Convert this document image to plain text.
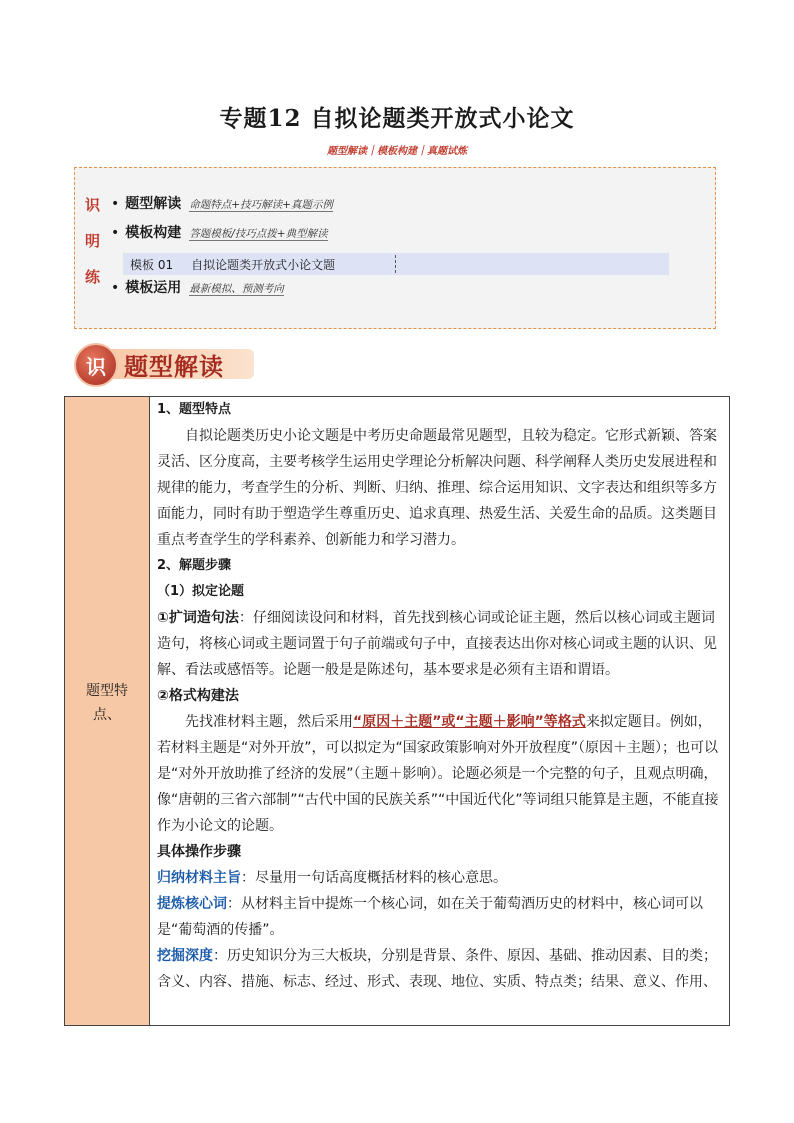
专题12 自拟论题类开放式小论文
题型解读｜模板构建｜真题试炼
识
明
练
• 题型解读 命题特点+技巧解读+真题示例
• 模板构建 答题模板/技巧点拨+典型解读
模板 01 自拟论题类开放式小论文题
• 模板运用 最新模拟、预测考向
识 题型解读
题型特
点、

1、题型特点

自拟论题类历史小论文题是中考历史命题最常见题型，且较为稳定。它形式新颖、答案灵活、区分度高，主要考核学生运用史学理论分析解决问题、科学阐释人类历史发展进程和规律的能力，考查学生的分析、判断、归纳、推理、综合运用知识、文字表达和组织等多方面能力，同时有助于塑造学生尊重历史、追求真理、热爱生活、关爱生命的品质。这类题目重点考查学生的学科素养、创新能力和学习潜力。

2、解题步骤

（1）拟定论题

①扩词造句法：仔细阅读设问和材料，首先找到核心词或论证主题，然后以核心词或主题词造句，将核心词或主题词置于句子前端或句子中，直接表达出你对核心词或主题的认识、见解、看法或感悟等。论题一般是是陈述句，基本要求是必须有主语和谓语。

②格式构建法

先找准材料主题，然后采用“原因＋主题”或“主题＋影响”等格式来拟定题目。例如，若材料主题是“对外开放”，可以拟定为“国家政策影响对外开放程度”（原因＋主题）；也可以是“对外开放助推了经济的发展”（主题＋影响）。论题必须是一个完整的句子，且观点明确，像“唐朝的三省六部制”“古代中国的民族关系”“中国近代化”等词组只能算是主题，不能直接作为小论文的论题。

具体操作步骤

归纳材料主旨：尽量用一句话高度概括材料的核心意思。

提炼核心词：从材料主旨中提炼一个核心词，如在关于葡萄酒历史的材料中，核心词可以是“葡萄酒的传播”。

挖掘深度：历史知识分为三大板块，分别是背景、条件、原因、基础、推动因素、目的类；含义、内容、措施、标志、经过、形式、表现、地位、实质、特点类；结果、意义、作用、
